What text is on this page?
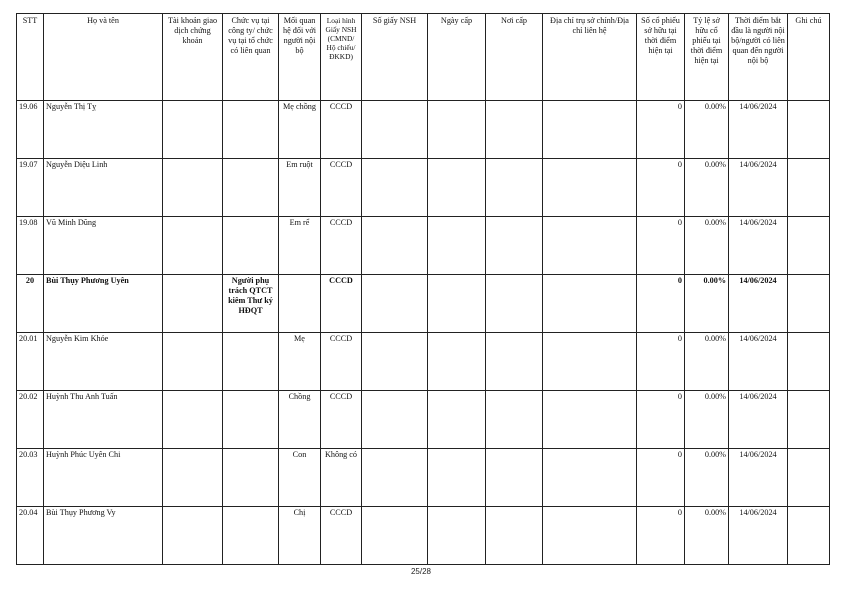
STT	Họ và tên	Tài khoản giao dịch chứng khoán	Chức vụ tại công ty/ chức vụ tại tổ chức có liên quan	Mối quan hệ đối với người nội bộ	Loại hình Giấy NSH (CMND/ Hộ chiếu/ ĐKKD)	Số giấy NSH	Ngày cấp	Nơi cấp	Địa chỉ trụ sở chính/Địa chỉ liên hệ	Số cổ phiếu sở hữu tại thời điểm hiện tại	Tỷ lệ sở hữu cổ phiếu tại thời điểm hiện tại	Thời điểm bắt đầu là người nội bộ/người có liên quan đến người nội bộ	Ghi chú
19.06	Nguyễn Thị Tỵ			Mẹ chồng	CCCD					0	0.00%	14/06/2024	
19.07	Nguyễn Diệu Linh			Em ruột	CCCD					0	0.00%	14/06/2024	
19.08	Vũ Minh Dũng			Em rể	CCCD					0	0.00%	14/06/2024	
20	Bùi Thụy Phương Uyên		Người phụ trách QTCT kiêm Thư ký HĐQT		CCCD					0	0.00%	14/06/2024	
20.01	Nguyễn Kim Khóe			Mẹ	CCCD					0	0.00%	14/06/2024	
20.02	Huỳnh Thu Anh Tuấn			Chồng	CCCD					0	0.00%	14/06/2024	
20.03	Huỳnh Phúc Uyên Chi			Con	Không có					0	0.00%	14/06/2024	
20.04	Bùi Thụy Phương Vy			Chị	CCCD					0	0.00%	14/06/2024	
25/28
